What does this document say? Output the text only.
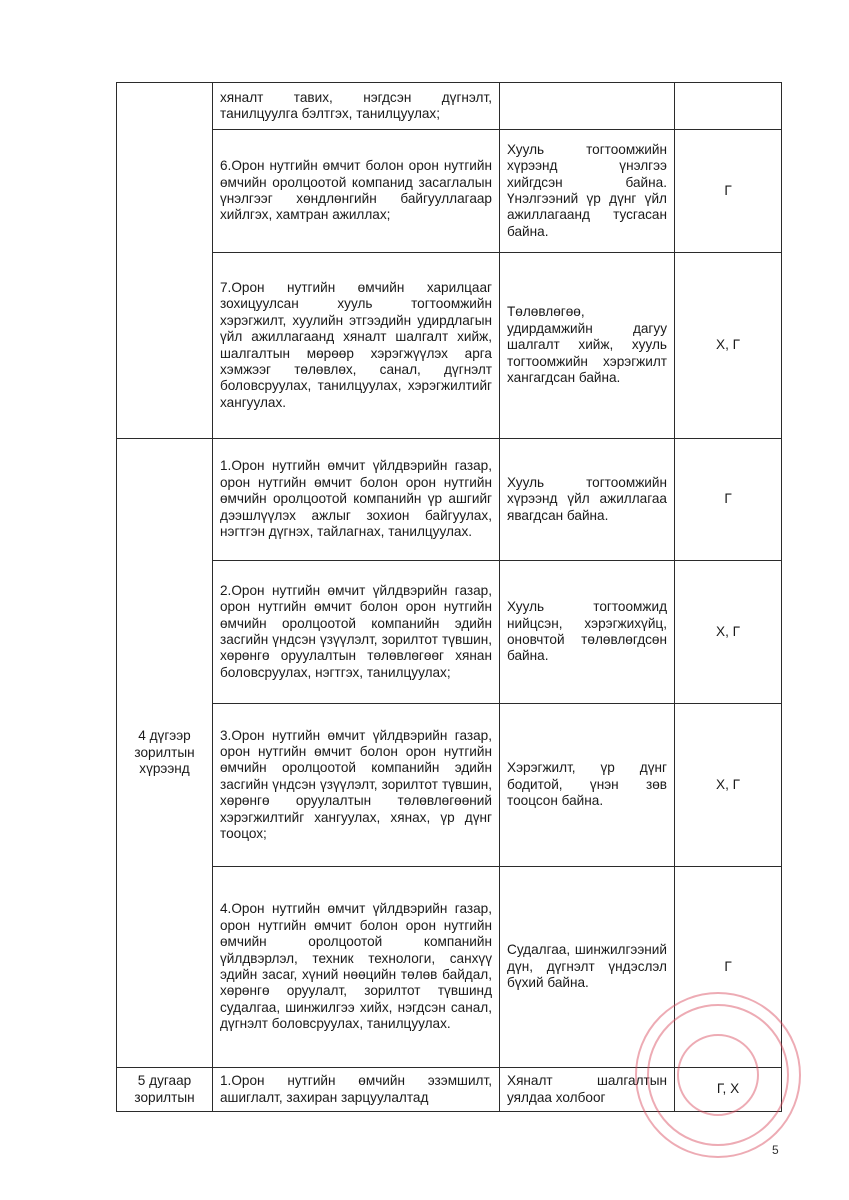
	хяналт тавих, нэгдсэн дүгнэлт, танилцуулга бэлтгэх, танилцуулах;		
	6.Орон нутгийн өмчит болон орон нутгийн өмчийн оролцоотой компанид засаглалын үнэлгээг хөндлөнгийн байгууллагаар хийлгэх, хамтран ажиллах;	Хууль тогтоомжийн хүрээнд үнэлгээ хийгдсэн байна. Үнэлгээний үр дүнг үйл ажиллагаанд тусгасан байна.	Г
	7.Орон нутгийн өмчийн харилцааг зохицуулсан хууль тогтоомжийн хэрэгжилт, хуулийн этгээдийн удирдлагын үйл ажиллагаанд хяналт шалгалт хийж, шалгалтын мөрөөр хэрэгжүүлэх арга хэмжээг төлөвлөх, санал, дүгнэлт боловсруулах, танилцуулах, хэрэгжилтийг хангуулах.	Төлөвлөгөө, удирдамжийн дагуу шалгалт хийж, хууль тогтоомжийн хэрэгжилт хангагдсан байна.	Х, Г

4 дүгээр зорилтын хүрээнд	1.Орон нутгийн өмчит үйлдвэрийн газар, орон нутгийн өмчит болон орон нутгийн өмчийн оролцоотой компанийн үр ашгийг дээшлүүлэх ажлыг зохион байгуулах, нэгтгэн дүгнэх, тайлагнах, танилцуулах.	Хууль тогтоомжийн хүрээнд үйл ажиллагаа явагдсан байна.	Г
	2.Орон нутгийн өмчит үйлдвэрийн газар, орон нутгийн өмчит болон орон нутгийн өмчийн оролцоотой компанийн эдийн засгийн үндсэн үзүүлэлт, зорилтот түвшин, хөрөнгө оруулалтын төлөвлөгөөг хянан боловсруулах, нэгтгэх, танилцуулах;	Хууль тогтоомжид нийцсэн, хэрэгжихүйц, оновчтой төлөвлөгдсөн байна.	Х, Г
	3.Орон нутгийн өмчит үйлдвэрийн газар, орон нутгийн өмчит болон орон нутгийн өмчийн оролцоотой компанийн эдийн засгийн үндсэн үзүүлэлт, зорилтот түвшин, хөрөнгө оруулалтын төлөвлөгөөний хэрэгжилтийг хангуулах, хянах, үр дүнг тооцох;	Хэрэгжилт, үр дүнг бодитой, үнэн зөв тооцсон байна.	Х, Г
	4.Орон нутгийн өмчит үйлдвэрийн газар, орон нутгийн өмчит болон орон нутгийн өмчийн оролцоотой компанийн үйлдвэрлэл, техник технологи, санхүү эдийн засаг, хүний нөөцийн төлөв байдал, хөрөнгө оруулалт, зорилтот түвшинд судалгаа, шинжилгээ хийх, нэгдсэн санал, дүгнэлт боловсруулах, танилцуулах.	Судалгаа, шинжилгээний дүн, дүгнэлт үндэслэл бүхий байна.	Г
5 дугаар зорилтын	1.Орон нутгийн өмчийн эзэмшилт, ашиглалт, захиран зарцуулалтад	Хяналт шалгалтын уялдаа холбоог	Г, Х
5
